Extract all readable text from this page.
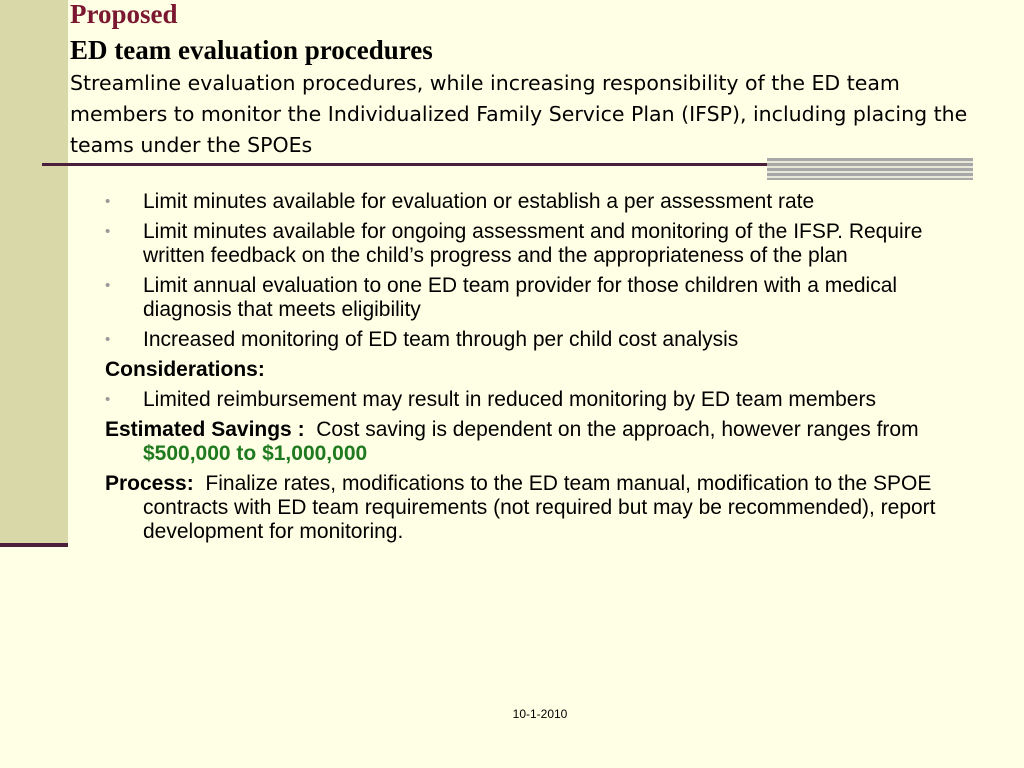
Proposed
ED team evaluation procedures
Streamline evaluation procedures, while increasing responsibility of the ED team members to monitor the Individualized Family Service Plan (IFSP), including placing the teams under the SPOEs
•	Limit minutes available for evaluation or establish a per assessment rate
•	Limit minutes available for ongoing assessment and monitoring of the IFSP. Require written feedback on the child’s progress and the appropriateness of the plan
•	Limit annual evaluation to one ED team provider for those children with a medical diagnosis that meets eligibility
•	Increased monitoring of ED team through per child cost analysis
Considerations:
•	Limited reimbursement may result in reduced monitoring by ED team members
Estimated Savings : Cost saving is dependent on the approach, however ranges from $500,000 to $1,000,000
Process: Finalize rates, modifications to the ED team manual, modification to the SPOE contracts with ED team requirements (not required but may be recommended), report development for monitoring.
10-1-2010
